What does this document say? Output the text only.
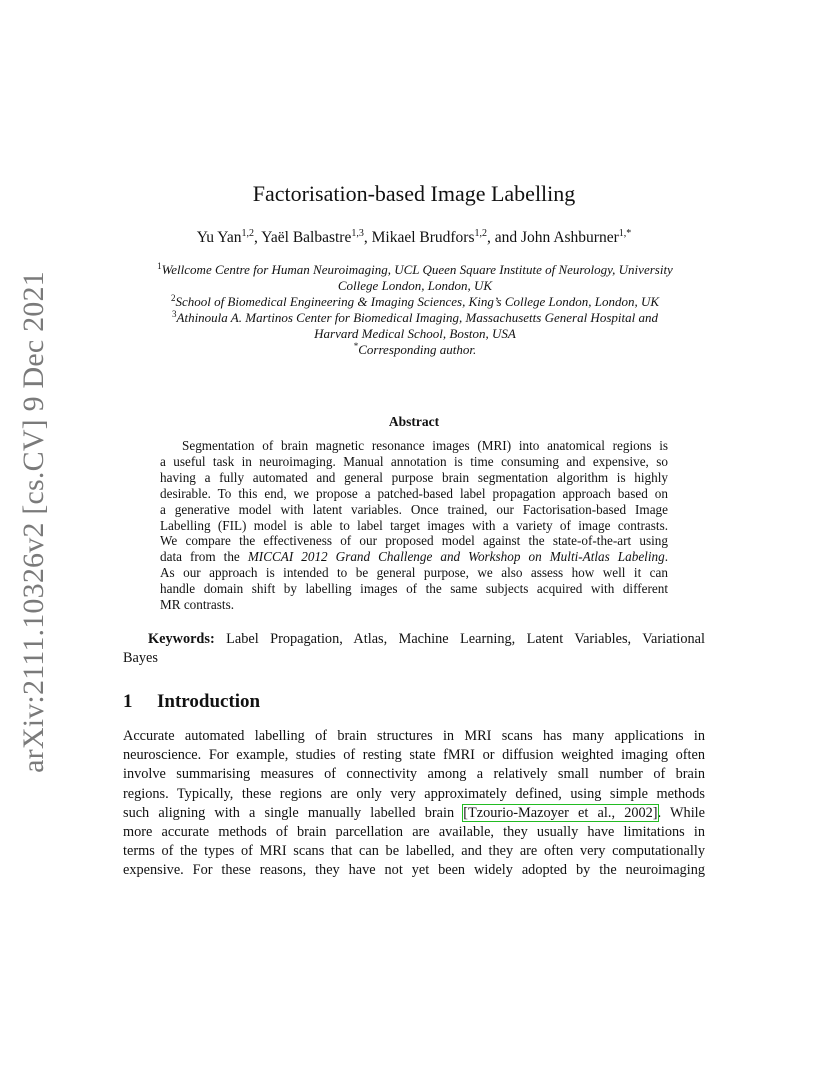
arXiv:2111.10326v2 [cs.CV] 9 Dec 2021
Factorisation-based Image Labelling
Yu Yan$^{1,2}$, Yaël Balbastre$^{1,3}$, Mikael Brudfors$^{1,2}$, and John Ashburner$^{1,*}$
$^1$Wellcome Centre for Human Neuroimaging, UCL Queen Square Institute of Neurology, University
College London, London, UK
$^2$School of Biomedical Engineering & Imaging Sciences, King’s College London, London, UK
$^3$Athinoula A. Martinos Center for Biomedical Imaging, Massachusetts General Hospital and
Harvard Medical School, Boston, USA
*Corresponding author.
Abstract
Segmentation of brain magnetic resonance images (MRI) into anatomical regions is
a useful task in neuroimaging. Manual annotation is time consuming and expensive, so
having a fully automated and general purpose brain segmentation algorithm is highly
desirable. To this end, we propose a patched-based label propagation approach based on
a generative model with latent variables. Once trained, our Factorisation-based Image
Labelling (FIL) model is able to label target images with a variety of image contrasts.
We compare the effectiveness of our proposed model against the state-of-the-art using
data from the MICCAI 2012 Grand Challenge and Workshop on Multi-Atlas Labeling.
As our approach is intended to be general purpose, we also assess how well it can
handle domain shift by labelling images of the same subjects acquired with different
MR contrasts.
Keywords: Label Propagation, Atlas, Machine Learning, Latent Variables, Variational
Bayes
1 Introduction
Accurate automated labelling of brain structures in MRI scans has many applications in
neuroscience. For example, studies of resting state fMRI or diffusion weighted imaging often
involve summarising measures of connectivity among a relatively small number of brain
regions. Typically, these regions are only very approximately defined, using simple methods
such aligning with a single manually labelled brain [Tzourio-Mazoyer et al., 2002]. While
more accurate methods of brain parcellation are available, they usually have limitations in
terms of the types of MRI scans that can be labelled, and they are often very computationally
expensive. For these reasons, they have not yet been widely adopted by the neuroimaging
